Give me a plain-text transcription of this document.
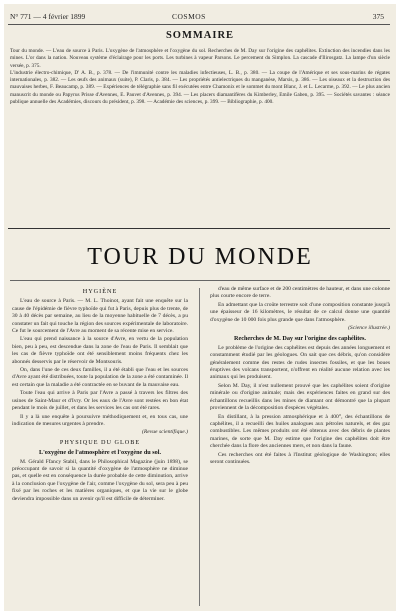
N° 771 — 4 février 1899	COSMOS	375
SOMMAIRE

Tour du monde. — L'eau de source à Paris. L'oxygène de l'atmosphère et l'oxygène du sol. Recherches de M. Day sur l'origine des caphélites. Extinction des incendies dans les mines. L'or dans la nation. Nouveau système d'éclairage pour les ports. Les turbines à vapeur Parsons. Le percement du Simplon. La cascade d'Ilirosgatz. La lampe d'un siècle versée, p. 375.

L'industrie électro-chimique, D' A. B., p. 378. — De l'immunité contre les maladies infectieuses, L. B., p. 380. — La coupe de l'Amérique et ses sous-marins de régates internationales, p. 382. — Les œufs des animaux (suite), P. Claris, p. 384. — Les propriétés antielectriques du manganèse, Marsis, p. 386. — Les oiseaux et la destruction des mauvaises herbes, F. Beaucamp, p. 389. — Expériences de télégraphie sans fil exécutées entre Chamonix et le sommet du mont Blanc, J. et L. Lecarme, p. 392. — Le plus ancien manuscrit du monde ou Papyrus Prisse d'Avennes, E. Pauvet d'Avennes, p. 394. — Les placers diamantifères du Kimberley, Emile Gaben, p. 395. — Sociétés savantes : séance publique annuelle des Académies, discours du président, p. 398. — Académie des sciences, p. 399. — Bibliographie, p. 400.

TOUR DU MONDE

HYGIÈNE

L'eau de source à Paris. — M. L. Thoinot, ayant fait une enquête sur la cause de l'épidémie de fièvre typhoïde qui fut à Paris, depuis plus de trente, de 30 à 40 décès par semaine, au lieu de la moyenne habituelle de 7 décès, a pu constater un fait qui touche la région des sources expérimentale de laboratoire. Ce fut le sourcement de l'Avre au moment de sa récente mise en service.

L'eau qui prend naissance à la source d'Avre, en vertu de la population bien, peu à peu, est descendue dans la zone de l'eau de Paris. Il semblait que les cas de fièvre typhoïde ont été sensiblement moins fréquents chez les abonnés desservis par le réservoir de Montsouris.

On, dans l'une de ces deux familles, il a été établi que l'eau et les sources d'Avre ayant été distribuées, toute la population de la zone a été contaminée. Il est certain que la maladie a été contractée en se buvant de la mauvaise eau.

Toute l'eau qui arrive à Paris par l'Avre a passé à travers les filtres des usines de Saint-Maur et d'Ivry. Or les eaux de l'Avre sont restées en bon état pendant le mois de juillet, et dans les services les cas ont été rares.

Il y a là une enquête à poursuivre méthodiquement et, en tous cas, une indication de mesures urgentes à prendre.

(Revue scientifique.)

PHYSIQUE DU GLOBE

L'oxygène de l'atmosphère et l'oxygène du sol.

M. Gérald Ffancy Stabil, dans le Philosophical Magazine (juin 1898), se préoccupant de savoir si la quantité d'oxygène de l'atmosphère ne diminue pas, et quelle est en conséquence la durée probable de cette diminution, arrive à la conclusion que l'oxygène de l'air, comme l'oxygène du sol, sera peu à peu fixé par les roches et les matières organiques, et que la vie sur le globe deviendra impossible dans un avenir qu'il est difficile de déterminer.

d'eau de même surface et de 200 centimètres de hauteur, et dans une colonne plus courte encore de terre.

En admettant que la croûte terrestre soit d'une composition constante jusqu'à une épaisseur de 16 kilomètres, le résultat de ce calcul donne une quantité d'oxygène de 10 000 fois plus grande que dans l'atmosphère.

(Science illustrée.)

Recherches de M. Day sur l'origine des caphélites.

Le problème de l'origine des caphélites est depuis des années longuement et constamment étudié par les géologues. On sait que ces débris, qu'on considère généralement comme des restes de rudes insectes fossiles, et que les boues éruptives des volcans transportent, n'offrent en réalité aucune relation avec les animaux qui les produisent.

Selon M. Day, il n'est nullement prouvé que les caphélites soient d'origine minérale ou d'origine animale; mais des expériences faites en grand sur des échantillons recueillis dans les mines de diamant ont démontré que la plupart proviennent de la décomposition d'espèces végétales.

En distillant, à la pression atmosphérique et à 400°, des échantillons de caphélites, il a recueilli des huiles analogues aux pétroles naturels, et des gaz combustibles. Les mêmes produits ont été obtenus avec des débris de plantes marines, de sorte que M. Day estime que l'origine des caphélites doit être cherchée dans la flore des anciennes mers, et non dans la faune.

Ces recherches ont été faites à l'Institut géologique de Washington; elles seront continuées.
